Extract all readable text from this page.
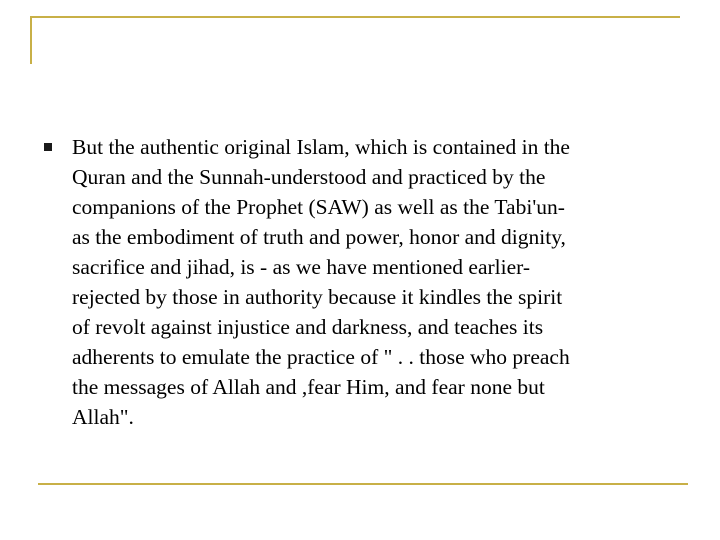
But the authentic original Islam, which is contained in the
Quran and the Sunnah-understood and practiced by the
companions of the Prophet (SAW) as well as the Tabi'un-
as the embodiment of truth and power, honor and dignity,
sacrifice and jihad, is - as we have mentioned earlier-
rejected by those in authority because it kindles the spirit
of revolt against injustice and darkness, and teaches its
adherents to emulate the practice of " . . those who preach
the messages of Allah and ,fear Him, and fear none but
Allah".
